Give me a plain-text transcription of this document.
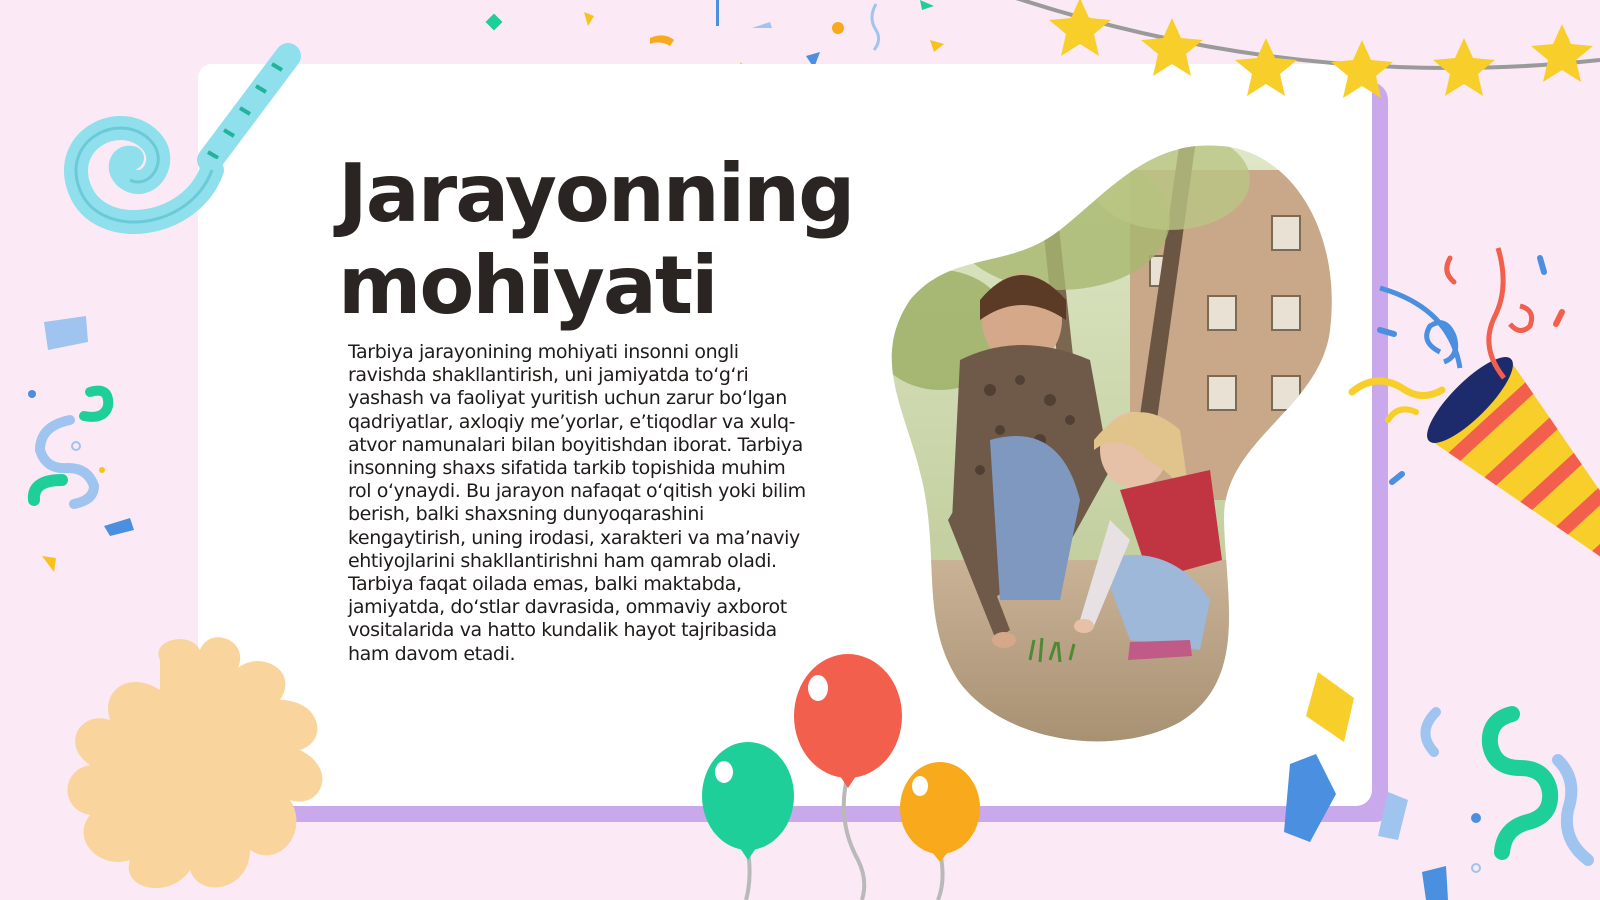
Jarayonning
mohiyati

Tarbiya jarayonining mohiyati insonni ongli ravishda shakllantirish, uni jamiyatda to‘g‘ri yashash va faoliyat yuritish uchun zarur bo‘lgan qadriyatlar, axloqiy me’yorlar, e’tiqodlar va xulq-atvor namunalari bilan boyitishdan iborat. Tarbiya insonning shaxs sifatida tarkib topishida muhim rol o‘ynaydi. Bu jarayon nafaqat o‘qitish yoki bilim berish, balki shaxsning dunyoqarashini kengaytirish, uning irodasi, xarakteri va ma’naviy ehtiyojlarini shakllantirishni ham qamrab oladi. Tarbiya faqat oilada emas, balki maktabda, jamiyatda, do‘stlar davrasida, ommaviy axborot vositalarida va hatto kundalik hayot tajribasida ham davom etadi.
